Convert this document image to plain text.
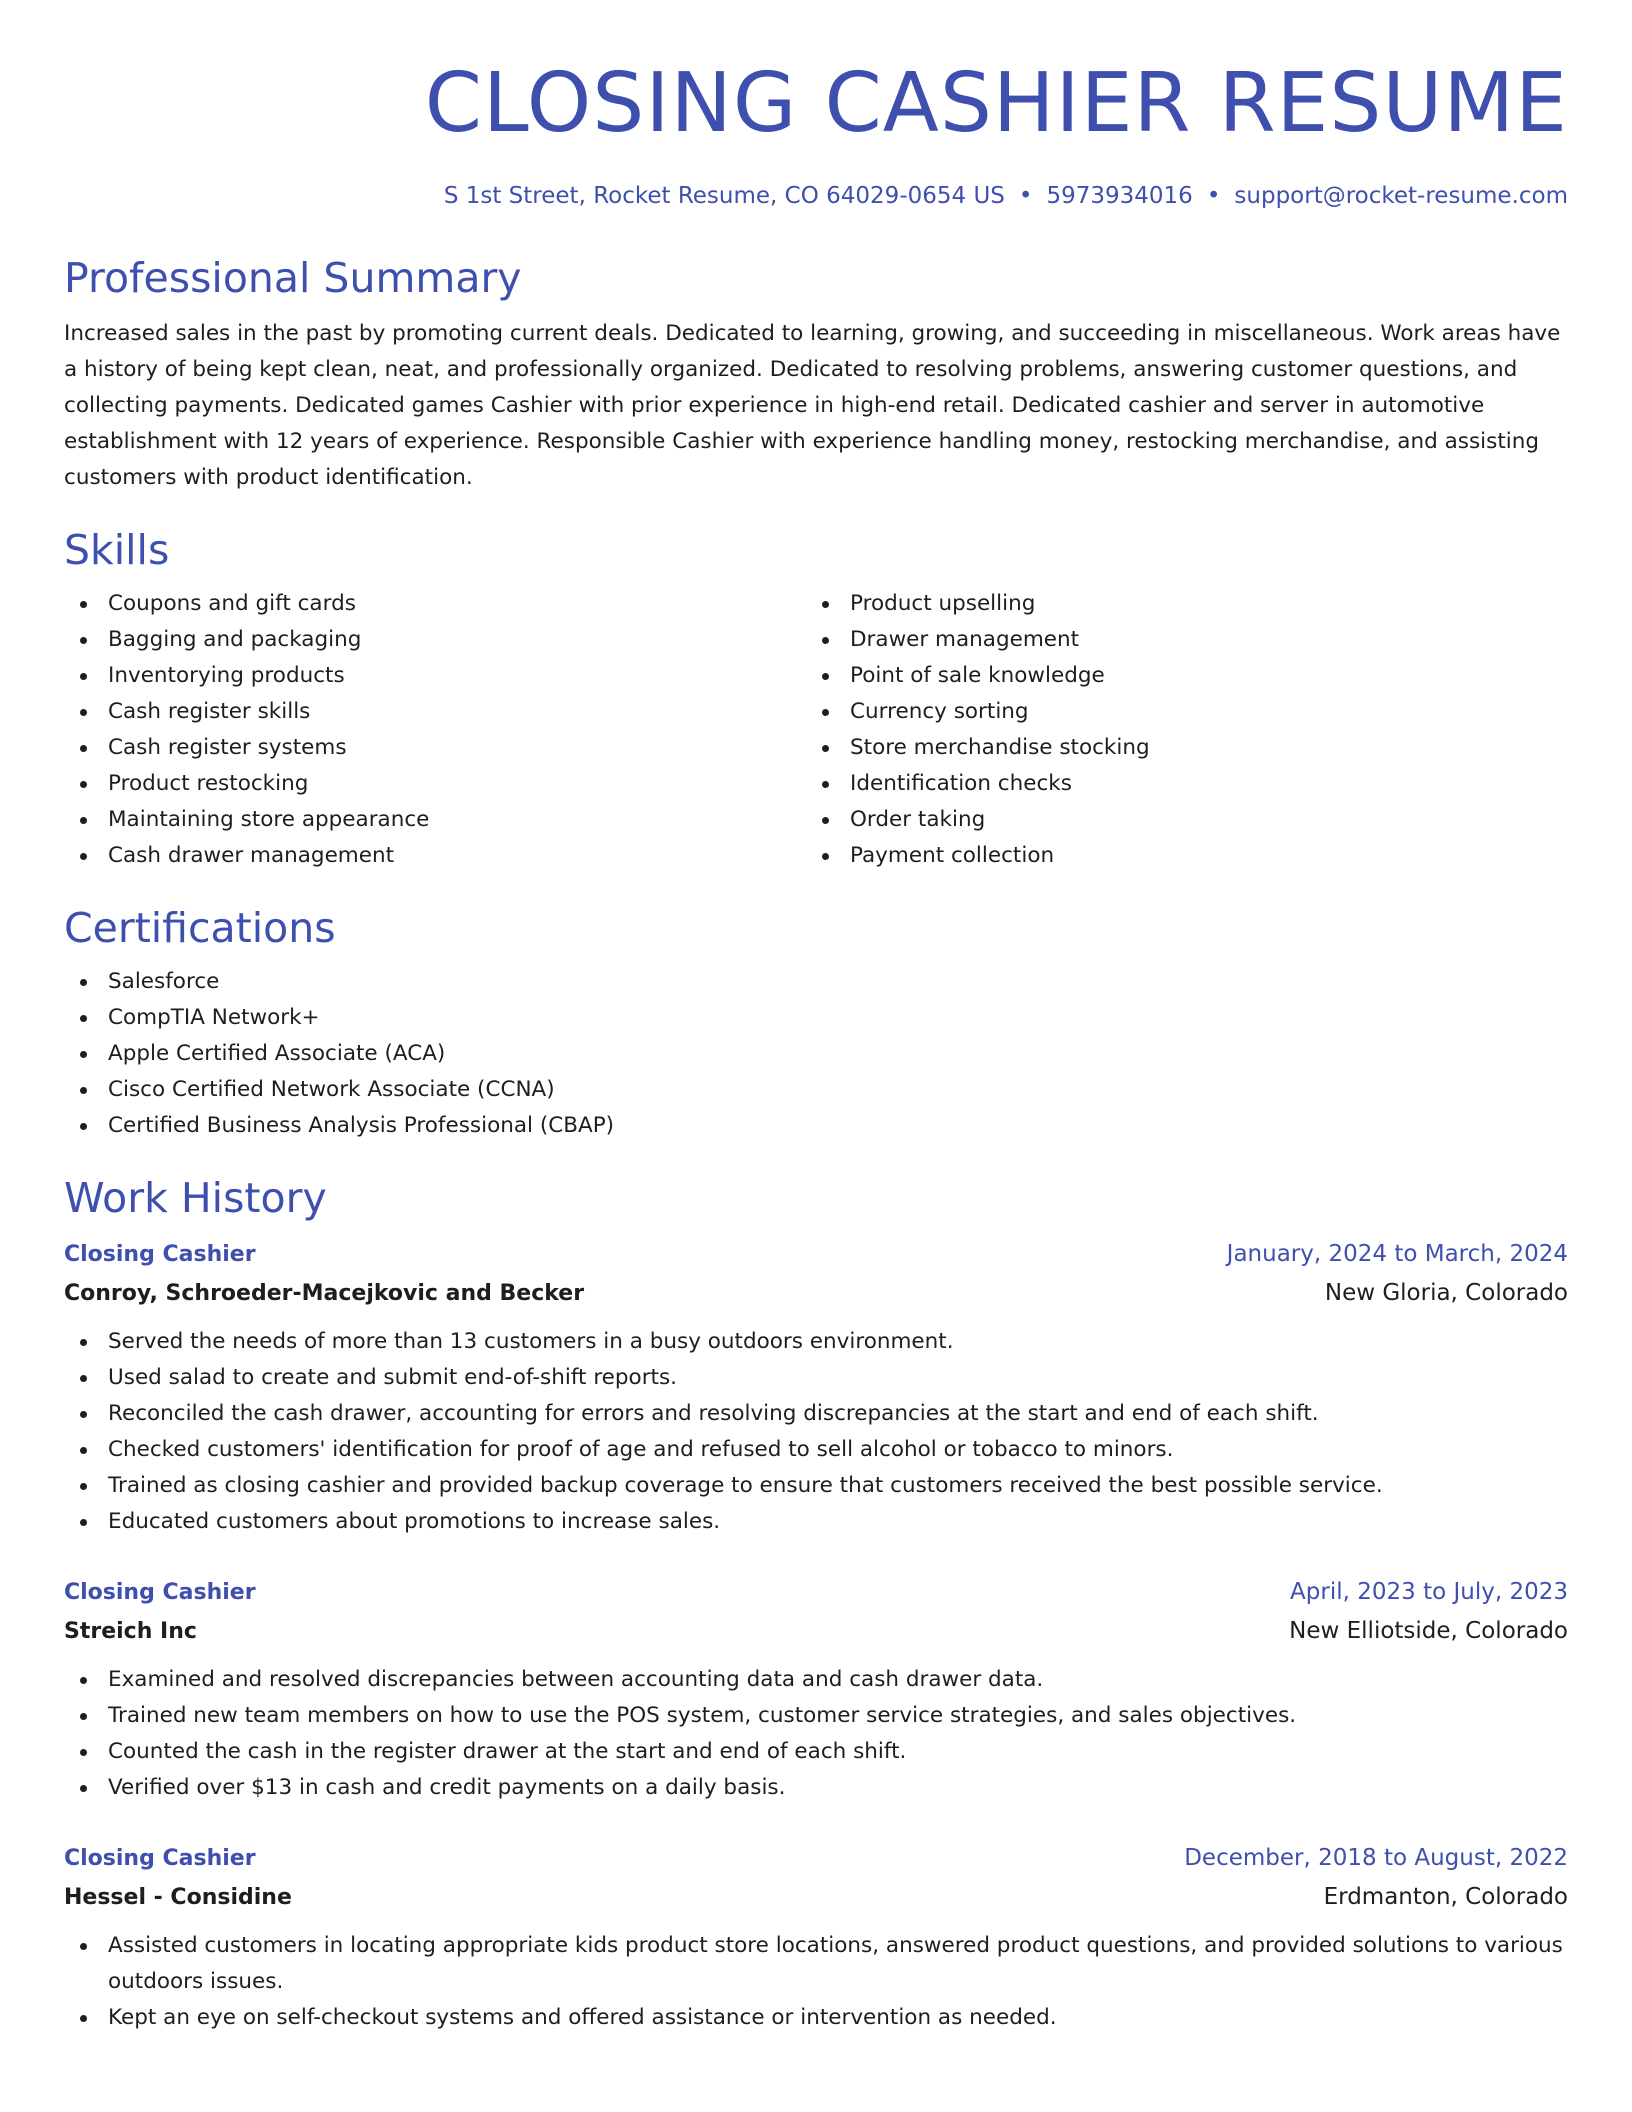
CLOSING CASHIER RESUME
S 1st Street, Rocket Resume, CO 64029-0654 US • 5973934016 • support@rocket-resume.com
Professional Summary

Increased sales in the past by promoting current deals. Dedicated to learning, growing, and succeeding in miscellaneous. Work areas have a history of being kept clean, neat, and professionally organized. Dedicated to resolving problems, answering customer questions, and collecting payments. Dedicated games Cashier with prior experience in high-end retail. Dedicated cashier and server in automotive establishment with 12 years of experience. Responsible Cashier with experience handling money, restocking merchandise, and assisting customers with product identification.

Skills
Coupons and gift cards
Bagging and packaging
Inventorying products
Cash register skills
Cash register systems
Product restocking
Maintaining store appearance
Cash drawer management
Product upselling
Drawer management
Point of sale knowledge
Currency sorting
Store merchandise stocking
Identification checks
Order taking
Payment collection
Certifications
Salesforce
CompTIA Network+
Apple Certified Associate (ACA)
Cisco Certified Network Associate (CCNA)
Certified Business Analysis Professional (CBAP)
Work History
Closing Cashier	January, 2024 to March, 2024
Conroy, Schroeder-Macejkovic and Becker	New Gloria, Colorado
Served the needs of more than 13 customers in a busy outdoors environment.
Used salad to create and submit end-of-shift reports.
Reconciled the cash drawer, accounting for errors and resolving discrepancies at the start and end of each shift.
Checked customers' identification for proof of age and refused to sell alcohol or tobacco to minors.
Trained as closing cashier and provided backup coverage to ensure that customers received the best possible service.
Educated customers about promotions to increase sales.
Closing Cashier	April, 2023 to July, 2023
Streich Inc	New Elliotside, Colorado
Examined and resolved discrepancies between accounting data and cash drawer data.
Trained new team members on how to use the POS system, customer service strategies, and sales objectives.
Counted the cash in the register drawer at the start and end of each shift.
Verified over $13 in cash and credit payments on a daily basis.
Closing Cashier	December, 2018 to August, 2022
Hessel - Considine	Erdmanton, Colorado
Assisted customers in locating appropriate kids product store locations, answered product questions, and provided solutions to various outdoors issues.
Kept an eye on self-checkout systems and offered assistance or intervention as needed.
